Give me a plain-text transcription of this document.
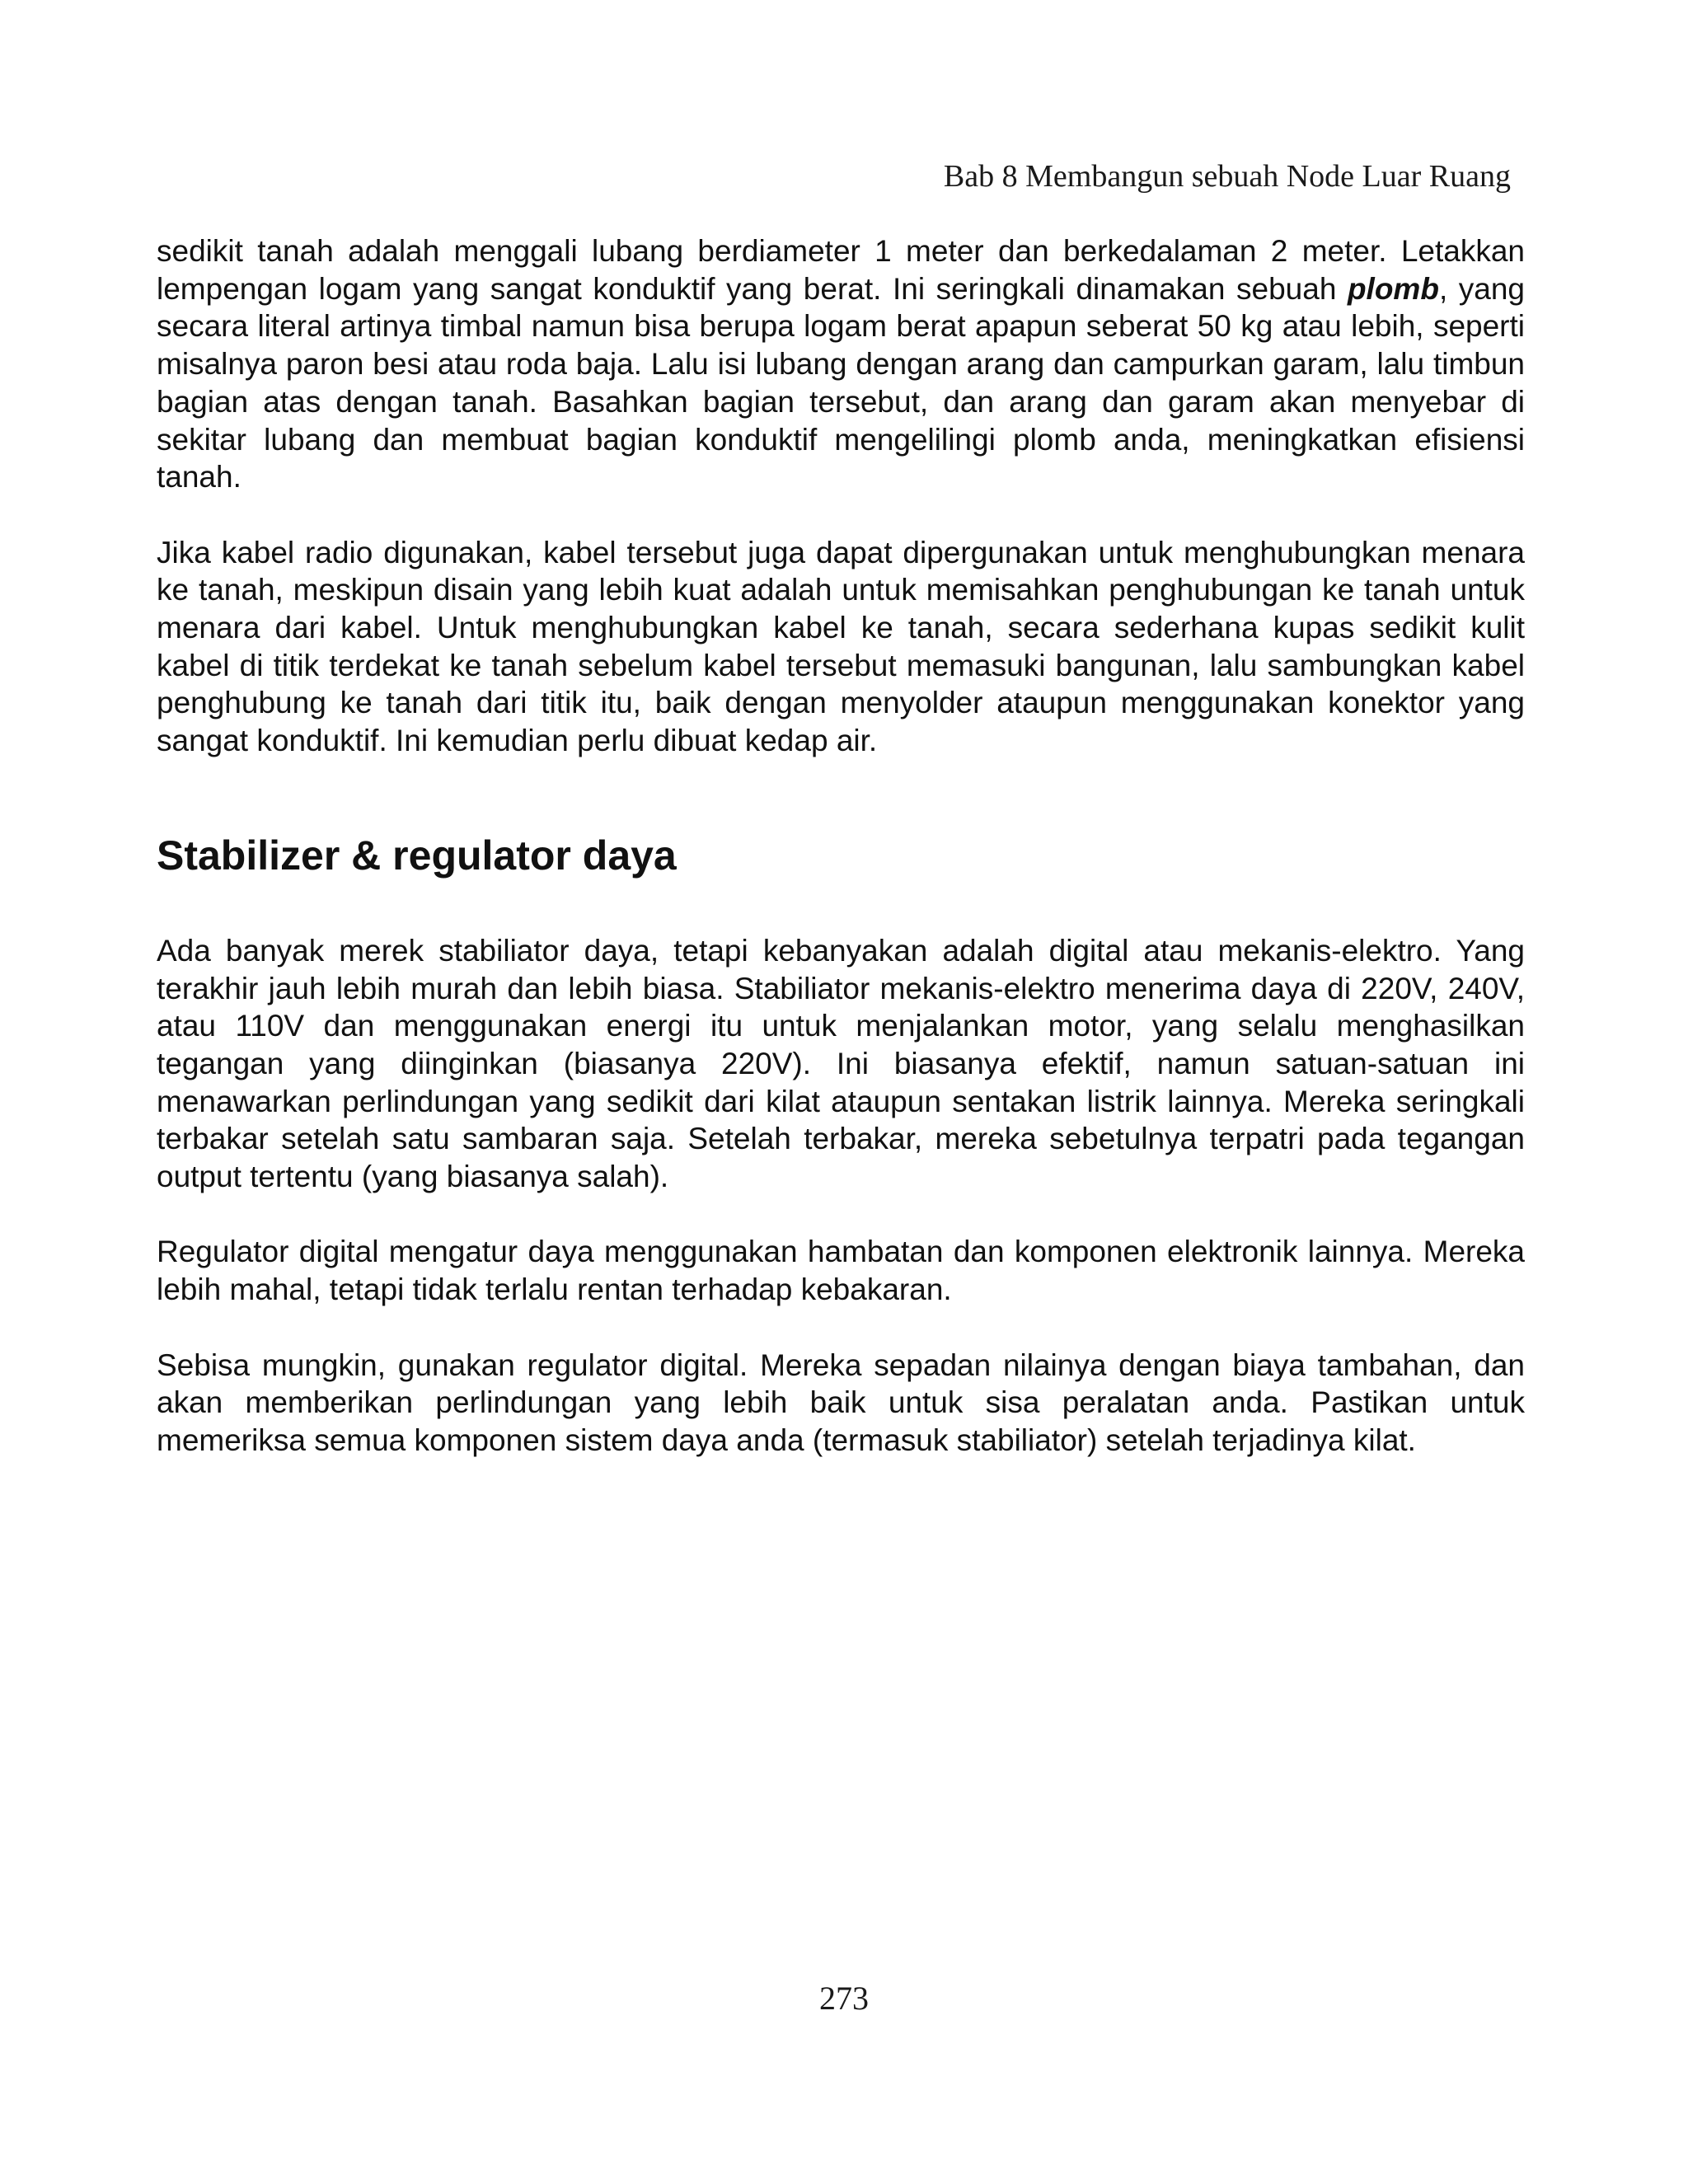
Bab 8 Membangun sebuah Node Luar Ruang

sedikit tanah adalah menggali lubang berdiameter 1 meter dan berkedalaman 2 meter. Letakkan lempengan logam yang sangat konduktif yang berat. Ini seringkali dinamakan sebuah plomb, yang secara literal artinya timbal namun bisa berupa logam berat apapun seberat 50 kg atau lebih, seperti misalnya paron besi atau roda baja. Lalu isi lubang dengan arang dan campurkan garam, lalu timbun bagian atas dengan tanah. Basahkan bagian tersebut, dan arang dan garam akan menyebar di sekitar lubang dan membuat bagian konduktif mengelilingi plomb anda, meningkatkan efisiensi tanah.

Jika kabel radio digunakan, kabel tersebut juga dapat dipergunakan untuk menghubungkan menara ke tanah, meskipun disain yang lebih kuat adalah untuk memisahkan penghubungan ke tanah untuk menara dari kabel. Untuk menghubungkan kabel ke tanah, secara sederhana kupas sedikit kulit kabel di titik terdekat ke tanah sebelum kabel tersebut memasuki bangunan, lalu sambungkan kabel penghubung ke tanah dari titik itu, baik dengan menyolder ataupun menggunakan konektor yang sangat konduktif. Ini kemudian perlu dibuat kedap air.

Stabilizer & regulator daya

Ada banyak merek stabiliator daya, tetapi kebanyakan adalah digital atau mekanis-elektro. Yang terakhir jauh lebih murah dan lebih biasa. Stabiliator mekanis-elektro menerima daya di 220V, 240V, atau 110V dan menggunakan energi itu untuk menjalankan motor, yang selalu menghasilkan tegangan yang diinginkan (biasanya 220V). Ini biasanya efektif, namun satuan-satuan ini menawarkan perlindungan yang sedikit dari kilat ataupun sentakan listrik lainnya. Mereka seringkali terbakar setelah satu sambaran saja. Setelah terbakar, mereka sebetulnya terpatri pada tegangan output tertentu (yang biasanya salah).

Regulator digital mengatur daya menggunakan hambatan dan komponen elektronik lainnya. Mereka lebih mahal, tetapi tidak terlalu rentan terhadap kebakaran.

Sebisa mungkin, gunakan regulator digital. Mereka sepadan nilainya dengan biaya tambahan, dan akan memberikan perlindungan yang lebih baik untuk sisa peralatan anda. Pastikan untuk memeriksa semua komponen sistem daya anda (termasuk stabiliator) setelah terjadinya kilat.

273
